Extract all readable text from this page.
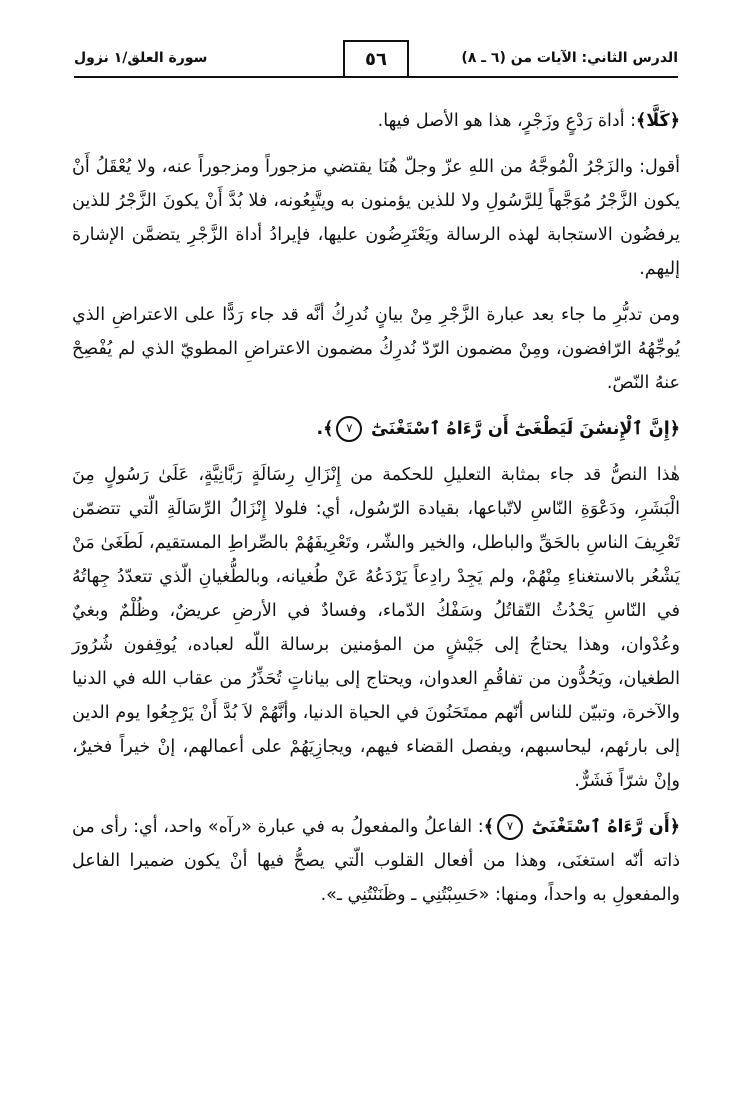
الدرس الثاني: الآيات من (٦ ـ ٨)
سورة العلق/١ نزول	٥٦

﴿كَلَّا﴾: أداة رَدْعٍ وزَجْرٍ، هذا هو الأصل فيها.

أقول: والزَجْرُ الْمُوجَّهُ من اللهِ عزّ وجلّ هُنَا يقتضي مزجوراً ومزجوراً عنه، ولا يُعْقَلُ أَنْ يكون الزَّجْرُ مُوَجَّهاً لِلرَّسُولِ ولا للذين يؤمنون به ويتَّبِعُونه، فلا بُدَّ أَنْ يكونَ الزَّجْرُ للذين يرفضُون الاستجابة لهذه الرسالة ويَعْتَرِضُون عليها، فإيرادُ أداة الزَّجْرِ يتضمَّن الإشارة إليهم.

ومن تدبُّرِ ما جاء بعد عبارة الزَّجْرِ مِنْ بيانٍ نُدرِكُ أنَّه قد جاء رَدًّا على الاعتراضِ الذي يُوجِّهُهُ الرّافضون، ومِنْ مضمون الرّدّ نُدرِكُ مضمون الاعتراضِ المطويّ الذي لم يُفْصِحْ عنهُ النّصّ.

﴿إِنَّ ٱلْإِنسَٰنَ لَيَطْغَىٰٓ أَن رَّءَاهُ ٱسْتَغْنَىٰٓ ٧﴾.

هٰذا النصُّ قد جاء بمثابة التعليلِ للحكمة من إِنْزَالِ رِسَالَةٍ رَبَّانِيَّةٍ، عَلَىٰ رَسُولٍ مِنَ الْبَشَرِ، ودَعْوَةِ النّاسِ لاتّباعها، بقيادة الرّسُول، أي: فلولا إِنْزَالُ الرِّسَالَةِ الّتي تتضمّن تَعْرِيفَ الناسِ بالحَقِّ والباطل، والخير والشّر، وتَعْرِيفَهُمْ بالصِّراطِ المستقيم، لَطَغَىٰ مَنْ يَشْعُر بالاستغناءِ مِنْهُمْ، ولم يَجِدْ رادِعاً يَرْدَعُهُ عَنْ طُغيانه، وبالطُّغيانِ الّذي تتعدّدُ جِهاتُهُ في النّاسِ يَحْدُثُ التّقاتُلُ وسَفْكُ الدّماء، وفسادٌ في الأرضِ عريضٌ، وظُلْمٌ وبغيٌ وعُدْوان، وهذا يحتاجُ إلى جَيْشٍ من المؤمنين برسالة اللّه لعباده، يُوقِفون شُرُورَ الطغيان، ويَحُدُّون من تفاقُمِ العدوان، ويحتاج إلى بياناتٍ تُحَذِّرُ من عقاب الله في الدنيا والآخرة، وتبيّن للناس أنّهم ممتَحَنُونَ في الحياة الدنيا، وأنَّهُمْ لاَ بُدَّ أَنْ يَرْجِعُوا يوم الدين إلى بارئهم، ليحاسبهم، ويفصل القضاء فيهم، ويجازِيَهُمْ على أعمالهم، إنْ خيراً فخيرٌ، وإنْ شرّاً فَشَرٌّ.

﴿أَن رَّءَاهُ ٱسْتَغْنَىٰٓ ٧﴾: الفاعلُ والمفعولُ به في عبارة «رآه» واحد، أي: رأى من ذاته أنّه استغنَى، وهذا من أفعال القلوب الّتي يصحُّ فيها أنْ يكون ضميرا الفاعل والمفعولِ به واحداً، ومنها: «حَسِبْتُنِي ـ وظَنَنْتُنِي ـ».
